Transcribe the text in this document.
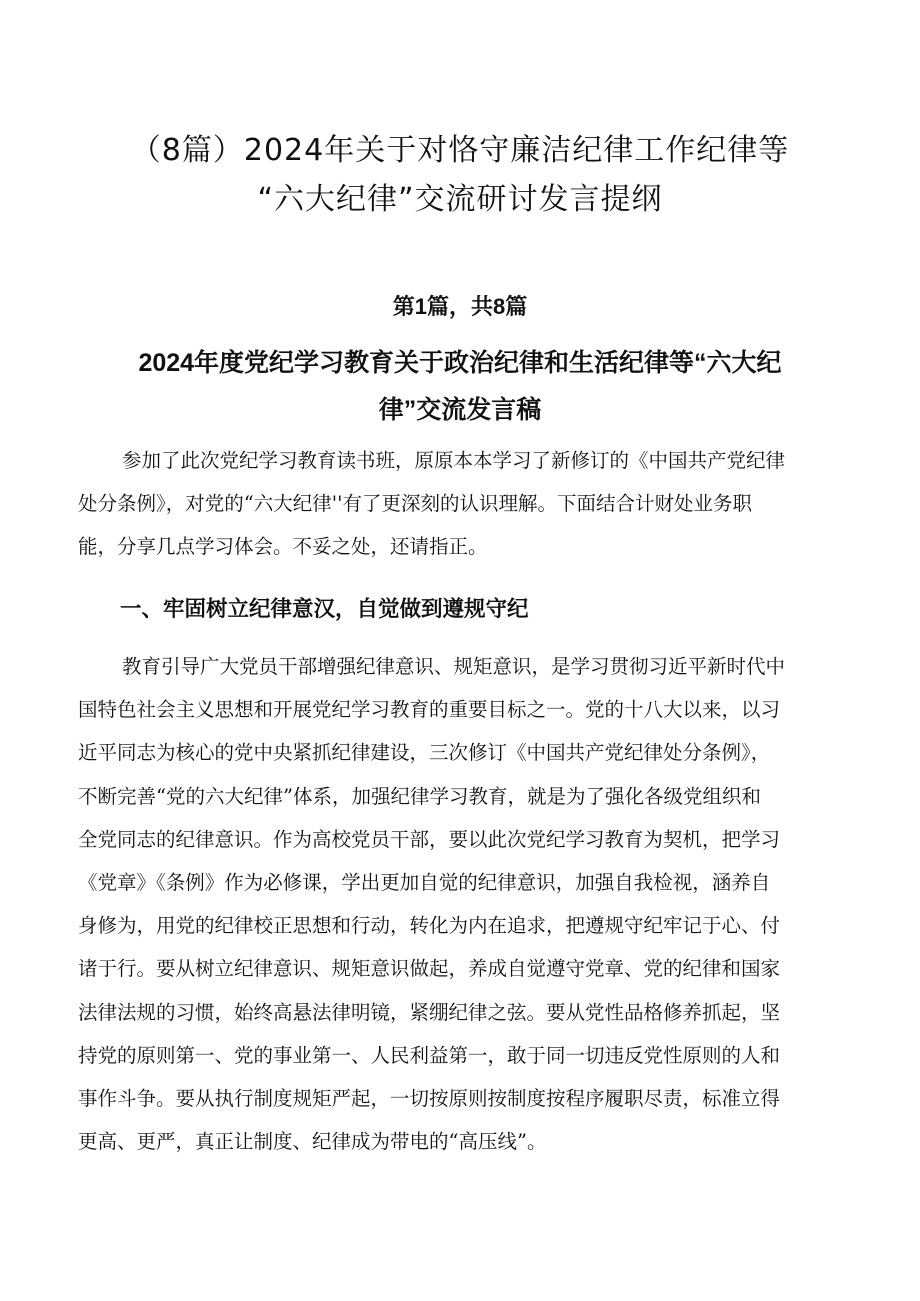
（8篇）2024年关于对恪守廉洁纪律工作纪律等
“六大纪律”交流研讨发言提纲
第1篇，共8篇
2024年度党纪学习教育关于政治纪律和生活纪律等“六大纪
律”交流发言稿
参加了此次党纪学习教育读书班，原原本本学习了新修订的《中国共产党纪律
处分条例》，对党的“六大纪律''有了更深刻的认识理解。下面结合计财处业务职
能，分享几点学习体会。不妥之处，还请指正。
一、牢固树立纪律意汉，自觉做到遵规守纪
教育引导广大党员干部增强纪律意识、规矩意识，是学习贯彻习近平新时代中
国特色社会主义思想和开展党纪学习教育的重要目标之一。党的十八大以来，以习
近平同志为核心的党中央紧抓纪律建设，三次修订《中国共产党纪律处分条例》，
不断完善“党的六大纪律”体系，加强纪律学习教育，就是为了强化各级党组织和
全党同志的纪律意识。作为高校党员干部，要以此次党纪学习教育为契机，把学习
《党章》《条例》作为必修课，学出更加自觉的纪律意识，加强自我检视，涵养自
身修为，用党的纪律校正思想和行动，转化为内在追求，把遵规守纪牢记于心、付
诸于行。要从树立纪律意识、规矩意识做起，养成自觉遵守党章、党的纪律和国家
法律法规的习惯，始终高悬法律明镜，紧绷纪律之弦。要从党性品格修养抓起，坚
持党的原则第一、党的事业第一、人民利益第一，敢于同一切违反党性原则的人和
事作斗争。要从执行制度规矩严起，一切按原则按制度按程序履职尽责，标准立得
更高、更严，真正让制度、纪律成为带电的“高压线”。
